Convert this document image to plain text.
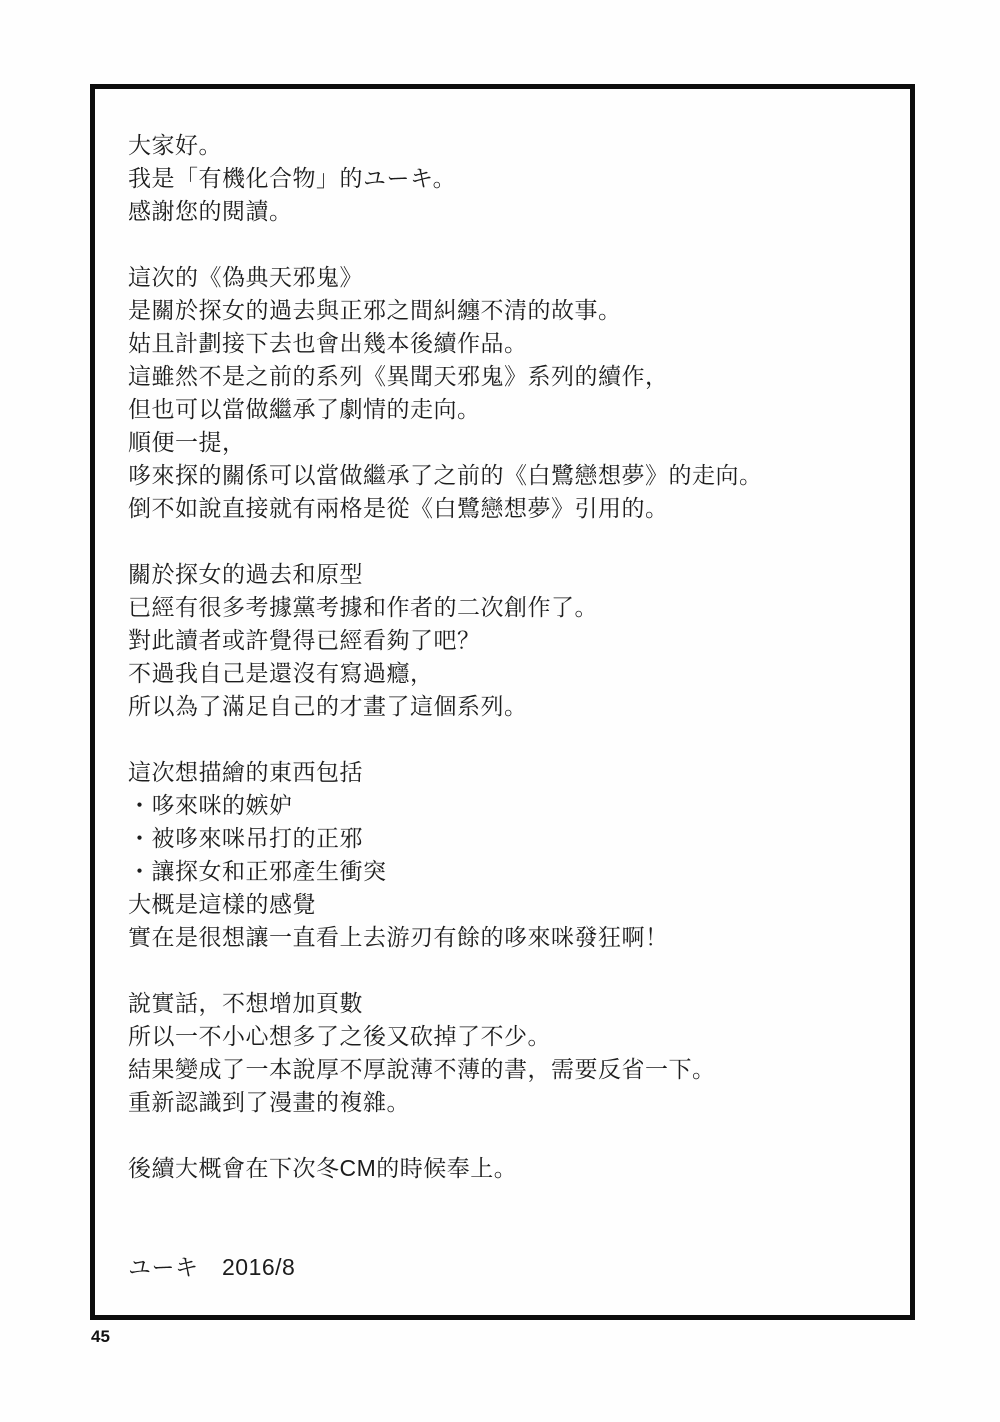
大家好。
我是「有機化合物」的ユーキ。
感謝您的閱讀。
這次的《偽典天邪鬼》
是關於探女的過去與正邪之間糾纏不清的故事。
姑且計劃接下去也會出幾本後續作品。
這雖然不是之前的系列《異聞天邪鬼》系列的續作，
但也可以當做繼承了劇情的走向。
順便一提，
哆來探的關係可以當做繼承了之前的《白鷺戀想夢》的走向。
倒不如說直接就有兩格是從《白鷺戀想夢》引用的。
關於探女的過去和原型
已經有很多考據黨考據和作者的二次創作了。
對此讀者或許覺得已經看夠了吧？
不過我自己是還沒有寫過癮，
所以為了滿足自己的才畫了這個系列。
這次想描繪的東西包括
・哆來咪的嫉妒
・被哆來咪吊打的正邪
・讓探女和正邪產生衝突
大概是這樣的感覺
實在是很想讓一直看上去游刃有餘的哆來咪發狂啊！
說實話，不想增加頁數
所以一不小心想多了之後又砍掉了不少。
結果變成了一本說厚不厚說薄不薄的書，需要反省一下。
重新認識到了漫畫的複雜。
後續大概會在下次冬CM的時候奉上。
ユーキ　2016/8
45
